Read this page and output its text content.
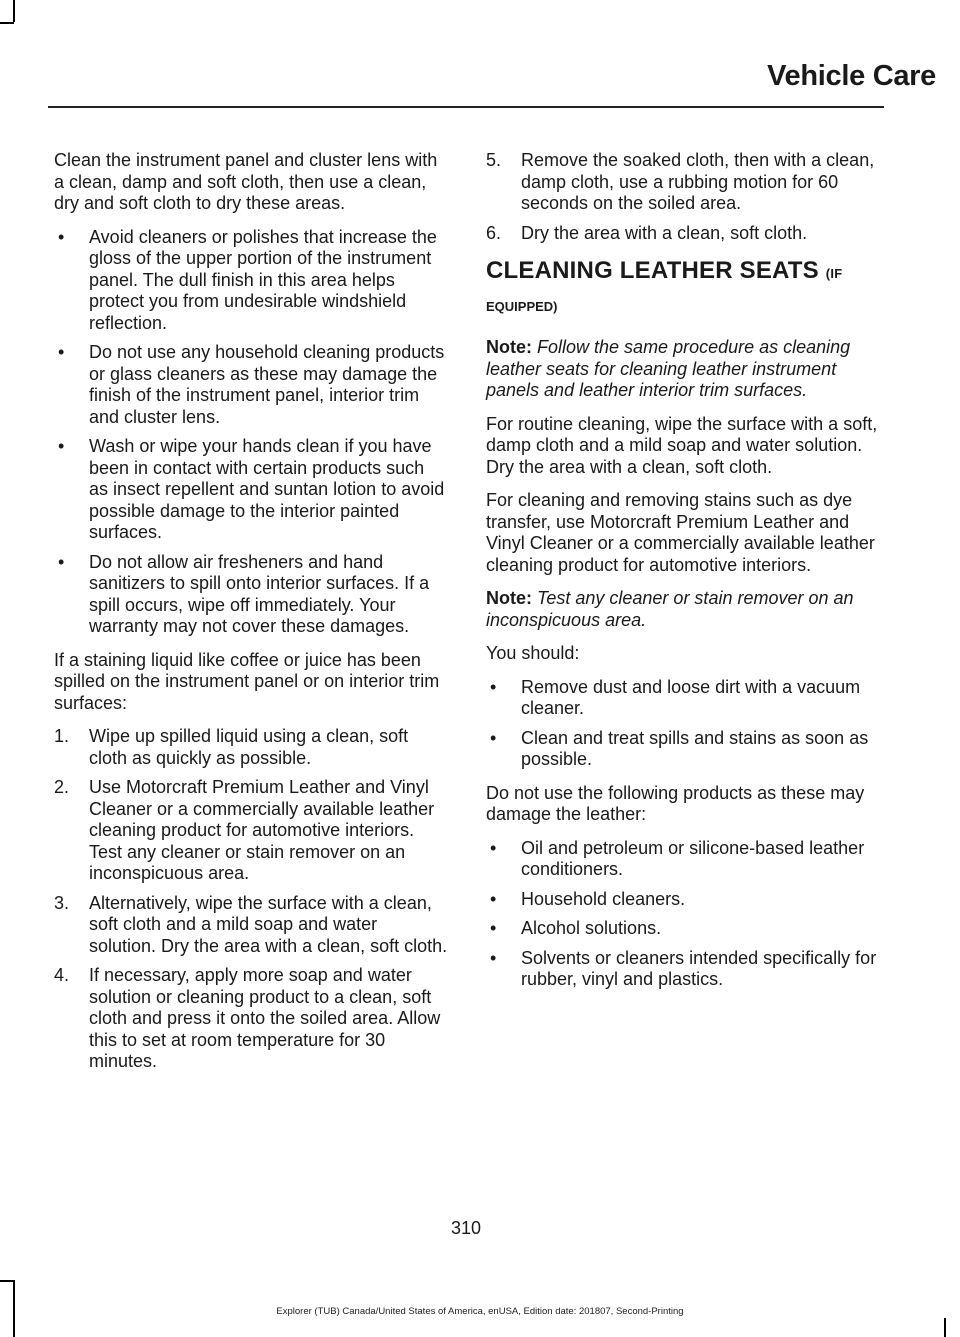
Vehicle Care

Clean the instrument panel and cluster lens with a clean, damp and soft cloth, then use a clean, dry and soft cloth to dry these areas.

• Avoid cleaners or polishes that increase the gloss of the upper portion of the instrument panel. The dull finish in this area helps protect you from undesirable windshield reflection.
• Do not use any household cleaning products or glass cleaners as these may damage the finish of the instrument panel, interior trim and cluster lens.
• Wash or wipe your hands clean if you have been in contact with certain products such as insect repellent and suntan lotion to avoid possible damage to the interior painted surfaces.
• Do not allow air fresheners and hand sanitizers to spill onto interior surfaces. If a spill occurs, wipe off immediately. Your warranty may not cover these damages.

If a staining liquid like coffee or juice has been spilled on the instrument panel or on interior trim surfaces:

1. Wipe up spilled liquid using a clean, soft cloth as quickly as possible.
2. Use Motorcraft Premium Leather and Vinyl Cleaner or a commercially available leather cleaning product for automotive interiors. Test any cleaner or stain remover on an inconspicuous area.
3. Alternatively, wipe the surface with a clean, soft cloth and a mild soap and water solution. Dry the area with a clean, soft cloth.
4. If necessary, apply more soap and water solution or cleaning product to a clean, soft cloth and press it onto the soiled area. Allow this to set at room temperature for 30 minutes.
5. Remove the soaked cloth, then with a clean, damp cloth, use a rubbing motion for 60 seconds on the soiled area.
6. Dry the area with a clean, soft cloth.
CLEANING LEATHER SEATS (IF
EQUIPPED)

Note: Follow the same procedure as cleaning leather seats for cleaning leather instrument panels and leather interior trim surfaces.

For routine cleaning, wipe the surface with a soft, damp cloth and a mild soap and water solution. Dry the area with a clean, soft cloth.

For cleaning and removing stains such as dye transfer, use Motorcraft Premium Leather and Vinyl Cleaner or a commercially available leather cleaning product for automotive interiors.

Note: Test any cleaner or stain remover on an inconspicuous area.

You should:

• Remove dust and loose dirt with a vacuum cleaner.
• Clean and treat spills and stains as soon as possible.

Do not use the following products as these may damage the leather:

• Oil and petroleum or silicone-based leather conditioners.
• Household cleaners.
• Alcohol solutions.
• Solvents or cleaners intended specifically for rubber, vinyl and plastics.
310
Explorer (TUB) Canada/United States of America, enUSA, Edition date: 201807, Second-Printing
